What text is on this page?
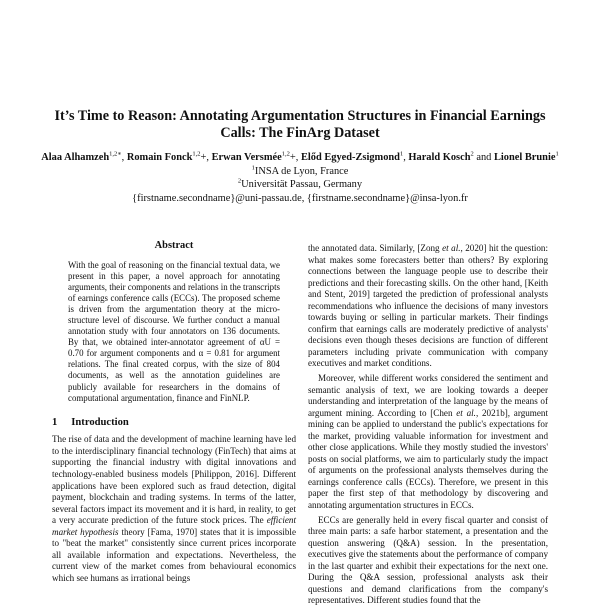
It’s Time to Reason: Annotating Argumentation Structures in Financial Earnings
Calls: The FinArg Dataset
Alaa Alhamzeh$^{1,2∗}$, Romain Fonck$^{1,2}$+, Erwan Versmée$^{1,2}$+, Előd Egyed-Zsigmond$^1$, Harald Kosch$^2$ and Lionel Brunie$^1$
$^1$INSA de Lyon, France
$^2$Universität Passau, Germany
{firstname.secondname}@uni-passau.de, {firstname.secondname}@insa-lyon.fr
Abstract
With the goal of reasoning on the financial textual data, we present in this paper, a novel approach for annotating arguments, their components and relations in the transcripts of earnings conference calls (ECCs). The proposed scheme is driven from the argumentation theory at the micro-structure level of discourse. We further conduct a manual annotation study with four annotators on 136 documents. By that, we obtained inter-annotator agreement of αU = 0.70 for argument components and α = 0.81 for argument relations. The final created corpus, with the size of 804 documents, as well as the annotation guidelines are publicly available for researchers in the domains of computational argumentation, finance and FinNLP.
1 Introduction

The rise of data and the development of machine learning have led to the interdisciplinary financial technology (FinTech) that aims at supporting the financial industry with digital innovations and technology-enabled business models [Philippon, 2016]. Different applications have been explored such as fraud detection, digital payment, blockchain and trading systems. In terms of the latter, several factors impact its movement and it is hard, in reality, to get a very accurate prediction of the future stock prices. The efficient market hypothesis theory [Fama, 1970] states that it is impossible to "beat the market" consistently since current prices incorporate all available information and expectations. Nevertheless, the current view of the market comes from behavioural economics which see humans as irrational beings

the annotated data. Similarly, [Zong et al., 2020] hit the question: what makes some forecasters better than others? By exploring connections between the language people use to describe their predictions and their forecasting skills. On the other hand, [Keith and Stent, 2019] targeted the prediction of professional analysts recommendations who influence the decisions of many investors towards buying or selling in particular markets. Their findings confirm that earnings calls are moderately predictive of analysts' decisions even though theses decisions are function of different parameters including private communication with company executives and market conditions.

Moreover, while different works considered the sentiment and semantic analysis of text, we are looking towards a deeper understanding and interpretation of the language by the means of argument mining. According to [Chen et al., 2021b], argument mining can be applied to understand the public's expectations for the market, providing valuable information for investment and other close applications. While they mostly studied the investors' posts on social platforms, we aim to particularly study the impact of arguments on the professional analysts themselves during the earnings conference calls (ECCs). Therefore, we present in this paper the first step of that methodology by discovering and annotating argumentation structures in ECCs.

ECCs are generally held in every fiscal quarter and consist of three main parts: a safe harbor statement, a presentation and the question answering (Q&A) session. In the presentation, executives give the statements about the performance of company in the last quarter and exhibit their expectations for the next one. During the Q&A session, professional analysts ask their questions and demand clarifications from the company's representatives. Different studies found that the
